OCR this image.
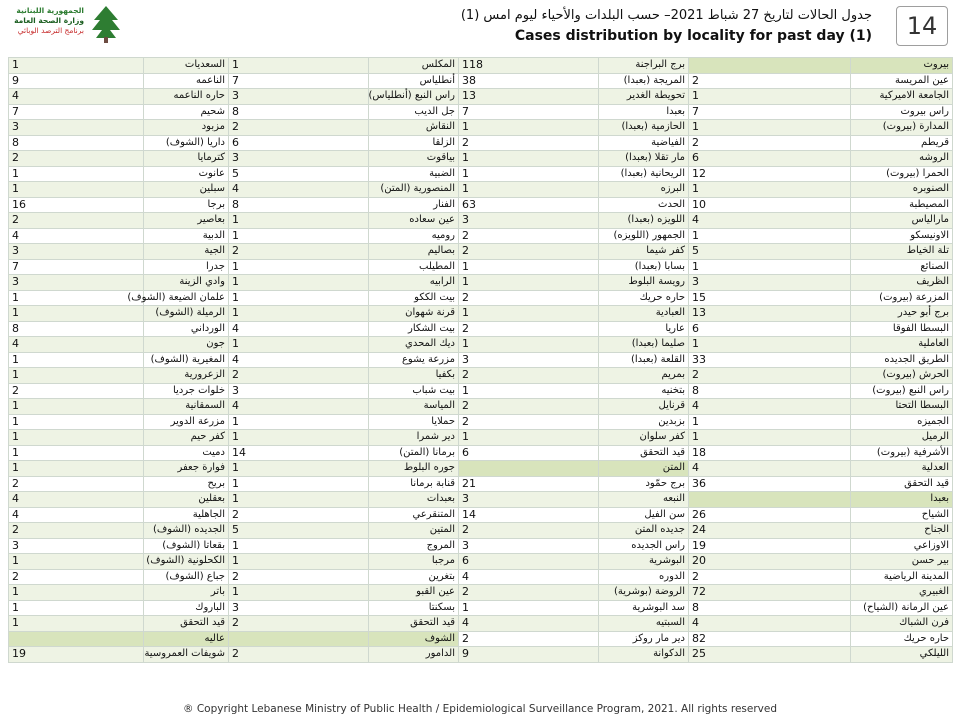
الجمهورية اللبنانية
وزارة الصحة العامة
برنامج الترصد الوبائي
جدول الحالات لتاريخ 27 شباط 2021– حسب البلدات والأحياء ليوم امس (1)
Cases distribution by locality for past day (1)	14
1	السعديات	1	المكلس	118	برج البراجنة		بيروت
9	الناعمه	7	أنطلياس	38	المريجة (بعبدا)	2	عين المريسة
4	حاره الناعمه	3	راس النبع (أنطلياس)	13	تحويطة الغدير	1	الجامعة الاميركية
7	شحيم	8	جل الديب	7	بعبدا	7	راس بيروت
3	مزبود	2	النقاش	1	الحازمية (بعبدا)	1	المدارة (بيروت)
8	داريا (الشوف)	6	الزلقا	2	الفياضية	2	قريطم
2	كترمايا	3	بياقوت	1	مار تقلا (بعبدا)	6	الروشه
1	عانوت	5	الضبية	1	الريحانية (بعبدا)	12	الحمرا (بيروت)
1	سبلين	4	المنصورية (المتن)	1	البرزه	1	الصنوبره
16	برجا	8	الفنار	63	الحدث	10	المصيطبة
2	بعاصير	1	عين سعاده	3	اللويزه (بعبدا)	4	مارالياس
4	الدبية	1	روميه	2	الجمهور (اللويزه)	1	الاونيسكو
3	الجية	2	بصاليم	2	كفر شيما	5	تلة الخياط
7	جدرا	1	المطيلب	1	بسابا (بعبدا)	1	الصنائع
3	وادي الزينة	1	الرابيه	1	رويسة البلوط	3	الظريف
1	علمان الضيعة (الشوف)	1	بيت الككو	2	حاره حريك	15	المزرعة (بيروت)
1	الرميلة (الشوف)	1	قرنة شهوان	1	العبادية	13	برج أبو حيدر
8	الورداني	4	بيت الشكار	2	عاريا	6	البسطا الفوقا
4	جون	1	ديك المحدي	1	صليما (بعبدا)	1	العاملية
1	المغيرية (الشوف)	4	مزرعة يشوع	3	القلعة (بعبدا)	33	الطريق الجديده
1	الزعرورية	2	بكفيا	2	بمريم	2	الحرش (بيروت)
2	خلوات جرديا	3	بيت شباب	1	بتخنيه	8	راس النبع (بيروت)
1	السمقانية	4	المياسة	2	قرنايل	4	البسطا التحتا
1	مزرعة الدوير	1	حملايا	2	بزبدين	1	الجميزه
1	كفر حيم	1	دير شمرا	1	كفر سلوان	1	الرميل
1	دميت	14	برمانا (المتن)	6	قيد التحقق	18	الأشرفية (بيروت)
1	فوارة جعفر	1	جوره البلوط		المتن	4	العدلية
2	بريح	1	قنابة برمانا	21	برج حمّود	36	قيد التحقق
4	بعقلين	1	بعبدات	3	النبعه		بعبدا
4	الجاهلية	2	المتنقرعي	14	سن الفيل	26	الشياح
2	الجديده (الشوف)	5	المتين	2	جديده المتن	24	الجناح
3	بقعاتا (الشوف)	1	المروج	3	راس الجديده	19	الاوزاعي
1	الكحلونية (الشوف)	1	مرجبا	6	البوشرية	20	بير حسن
2	جباع (الشوف)	2	بتغرين	4	الدوره	2	المدينة الرياضية
1	باتر	1	عين القبو	2	الروضة (بوشرية)	72	الغبيري
1	الباروك	3	بسكنتا	1	سد البوشرية	8	عين الرمانة (الشياح)
1	قيد التحقق	2	قيد التحقق	4	السبتيه	4	فرن الشباك
	عاليه		الشوف	2	دير مار روكز	82	حاره حريك
19	شويفات العمروسية	2	الدامور	9	الدكوانة	25	الليلكي
® Copyright Lebanese Ministry of Public Health / Epidemiological Surveillance Program, 2021. All rights reserved
